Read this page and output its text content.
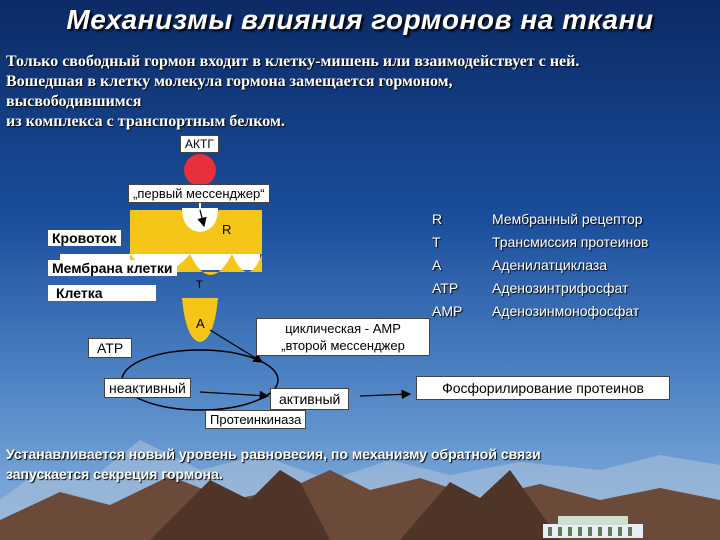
Механизмы влияния гормонов на ткани
Только свободный гормон входит в клетку-мишень или взаимодействует с ней.
Вошедшая в клетку молекула гормона замещается гормоном,
высвободившимся
из комплекса с транспортным белком.
АКТГ
„первый мессенджер“
R
T
A
Кровоток
Мембрана клетки
Клетка
ATP
циклическая - AMP
„второй мессенджер
неактивный
активный
Протеинкиназа
Фосфорилирование протеинов
R
T
A
ATP
AMP
Мембранный рецептор
Трансмиссия протеинов
Аденилатциклаза
Аденозинтрифосфат
Аденозинмонофосфат
Устанавливается новый уровень равновесия, по механизму обратной связи
запускается секреция гормона.
